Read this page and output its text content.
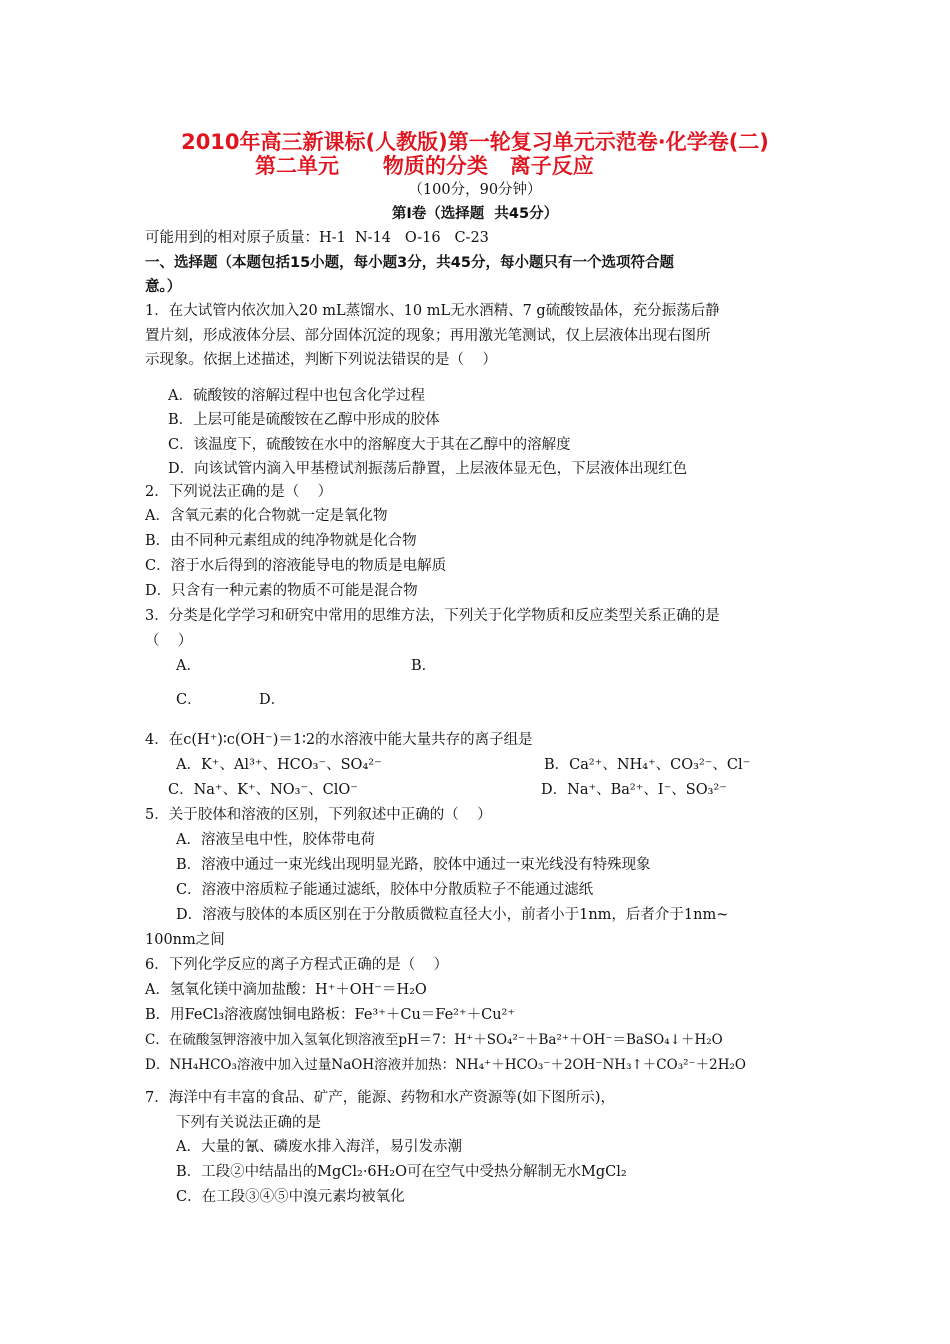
2010年高三新课标(人教版)第一轮复习单元示范卷·化学卷(二)
第二单元      物质的分类   离子反应
（100分，90分钟）
第Ⅰ卷（选择题  共45分）
可能用到的相对原子质量：H-1  N-14   O-16   C-23
一、选择题（本题包括15小题，每小题3分，共45分，每小题只有一个选项符合题
意。）
1．在大试管内依次加入20 mL蒸馏水、10 mL无水酒精、7 g硫酸铵晶体，充分振荡后静
置片刻，形成液体分层、部分固体沉淀的现象；再用激光笔测试，仅上层液体出现右图所
示现象。依据上述描述，判断下列说法错误的是（    ）
A．硫酸铵的溶解过程中也包含化学过程
B．上层可能是硫酸铵在乙醇中形成的胶体
C．该温度下，硫酸铵在水中的溶解度大于其在乙醇中的溶解度
D．向该试管内滴入甲基橙试剂振荡后静置，上层液体显无色，下层液体出现红色
2．下列说法正确的是（    ）
A．含氧元素的化合物就一定是氧化物
B．由不同种元素组成的纯净物就是化合物
C．溶于水后得到的溶液能导电的物质是电解质
D．只含有一种元素的物质不可能是混合物
3．分类是化学学习和研究中常用的思维方法，下列关于化学物质和反应类型关系正确的是
（    ）
A．	B．
C．	D．
4．在c(H⁺)∶c(OH⁻)＝1∶2的水溶液中能大量共存的离子组是
A．K⁺、Al³⁺、HCO₃⁻、SO₄²⁻	B．Ca²⁺、NH₄⁺、CO₃²⁻、Cl⁻
C．Na⁺、K⁺、NO₃⁻、ClO⁻	D．Na⁺、Ba²⁺、I⁻、SO₃²⁻
5．关于胶体和溶液的区别，下列叙述中正确的（    ）
A．溶液呈电中性，胶体带电荷
B．溶液中通过一束光线出现明显光路，胶体中通过一束光线没有特殊现象
C．溶液中溶质粒子能通过滤纸，胶体中分散质粒子不能通过滤纸
D．溶液与胶体的本质区别在于分散质微粒直径大小，前者小于1nm，后者介于1nm~
100nm之间
6．下列化学反应的离子方程式正确的是（    ）
A．氢氧化镁中滴加盐酸：H⁺＋OH⁻＝H₂O
B．用FeCl₃溶液腐蚀铜电路板：Fe³⁺＋Cu＝Fe²⁺＋Cu²⁺
C．在硫酸氢钾溶液中加入氢氧化钡溶液至pH＝7：H⁺＋SO₄²⁻＋Ba²⁺＋OH⁻＝BaSO₄↓＋H₂O
D．NH₄HCO₃溶液中加入过量NaOH溶液并加热：NH₄⁺＋HCO₃⁻＋2OH⁻NH₃↑＋CO₃²⁻＋2H₂O
7．海洋中有丰富的食品、矿产，能源、药物和水产资源等(如下图所示)，
下列有关说法正确的是
A．大量的氰、磷废水排入海洋，易引发赤潮
B．工段②中结晶出的MgCl₂·6H₂O可在空气中受热分解制无水MgCl₂
C．在工段③④⑤中溴元素均被氧化
